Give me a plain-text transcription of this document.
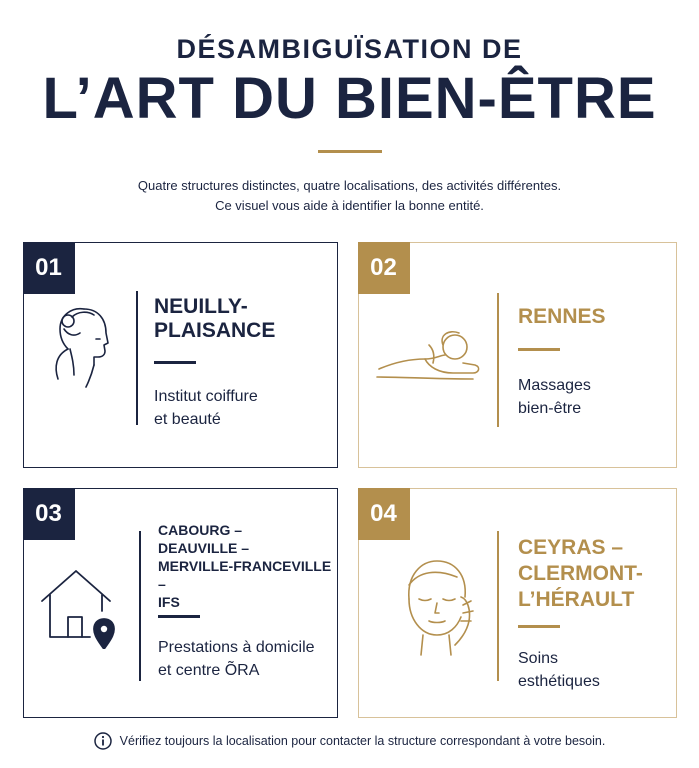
DÉSAMBIGUÏSATION DE
L’ART DU BIEN-ÊTRE
Quatre structures distinctes, quatre localisations, des activités différentes.
Ce visuel vous aide à identifier la bonne entité.
01
NEUILLY-
PLAISANCE
Institut coiffure
et beauté
02
RENNES
Massages
bien-être
03
CABOURG –
DEAUVILLE –
MERVILLE-FRANCEVILLE –
IFS
Prestations à domicile
et centre ÕRA
04
CEYRAS –
CLERMONT-
L’HÉRAULT
Soins
esthétiques
Vérifiez toujours la localisation pour contacter la structure correspondant à votre besoin.
